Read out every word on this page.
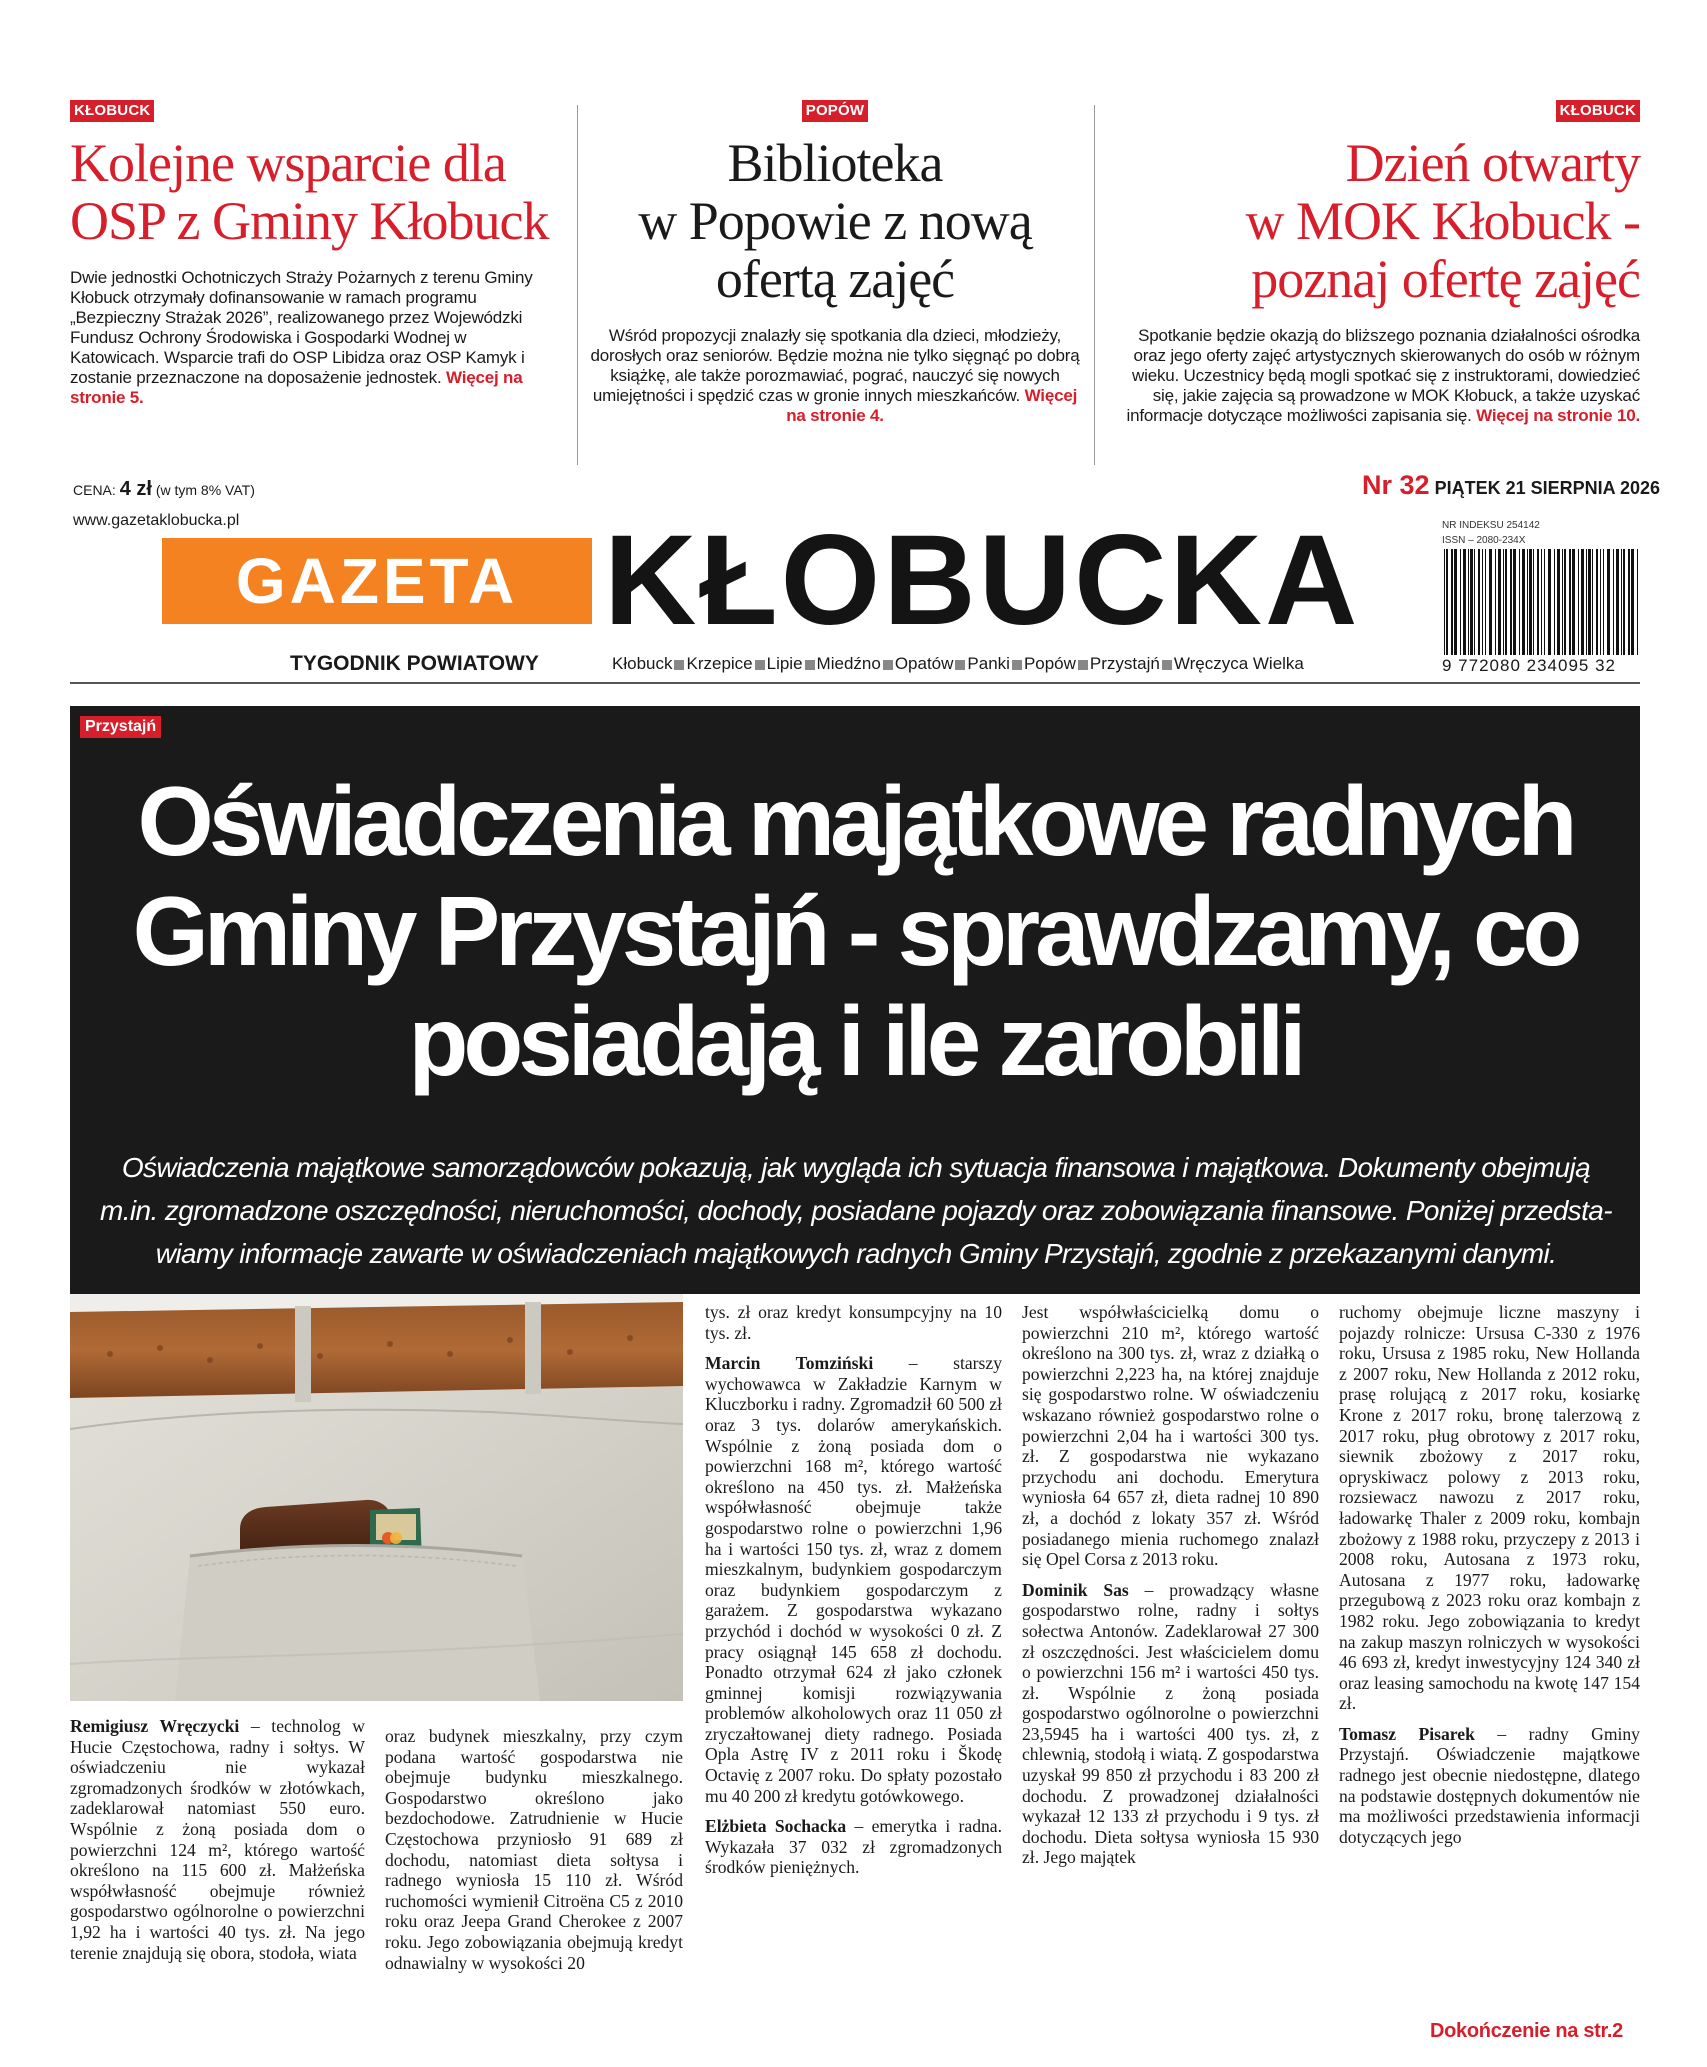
KŁOBUCK
Kolejne wsparcie dla
OSP z Gminy Kłobuck
Dwie jednostki Ochotniczych Straży Pożarnych z terenu Gminy Kłobuck otrzymały dofinansowanie w ramach programu „Bezpieczny Strażak 2026”, realizowanego przez Wojewódzki Fundusz Ochrony Środowiska i Gospodarki Wodnej w Katowicach. Wsparcie trafi do OSP Libidza oraz OSP Kamyk i zostanie przeznaczone na doposażenie jednostek. Więcej na stronie 5.
POPÓW
Biblioteka
w Popowie z nową
ofertą zajęć
Wśród propozycji znalazły się spotkania dla dzieci, młodzieży, dorosłych oraz seniorów. Będzie można nie tylko sięgnąć po dobrą książkę, ale także porozmawiać, pograć, nauczyć się nowych umiejętności i spędzić czas w gronie innych mieszkańców. Więcej na stronie 4.
KŁOBUCK
Dzień otwarty
w MOK Kłobuck -
poznaj ofertę zajęć
Spotkanie będzie okazją do bliższego poznania działalności ośrodka oraz jego oferty zajęć artystycznych skierowanych do osób w różnym wieku. Uczestnicy będą mogli spotkać się z instruktorami, dowiedzieć się, jakie zajęcia są prowadzone w MOK Kłobuck, a także uzyskać informacje dotyczące możliwości zapisania się. Więcej na stronie 10.
CENA: 4 zł (w tym 8% VAT)
www.gazetaklobucka.pl
Nr 32 PIĄTEK 21 SIERPNIA 2026
GAZETA KŁOBUCKA
TYGODNIK POWIATOWY	Kłobuck Krzepice Lipie Miedźno Opatów Panki Popów Przystajń Wręczyca Wielka
NR INDEKSU 254142
ISSN – 2080-234X
9 772080 234095 32
Przystajń
Oświadczenia majątkowe radnych
Gminy Przystajń - sprawdzamy, co
posiadają i ile zarobili
Oświadczenia majątkowe samorządowców pokazują, jak wygląda ich sytuacja finansowa i majątkowa. Dokumenty obejmują
m.in. zgromadzone oszczędności, nieruchomości, dochody, posiadane pojazdy oraz zobowiązania finansowe. Poniżej przedsta-
wiamy informacje zawarte w oświadczeniach majątkowych radnych Gminy Przystajń, zgodnie z przekazanymi danymi.

Remigiusz Wręczycki – technolog w Hucie Częstochowa, radny i sołtys. W oświadczeniu nie wykazał zgromadzonych środków w złotówkach, zadeklarował natomiast 550 euro. Wspólnie z żoną posiada dom o powierzchni 124 m², którego wartość określono na 115 600 zł. Małżeńska współwłasność obejmuje również gospodarstwo ogólnorolne o powierzchni 1,92 ha i wartości 40 tys. zł. Na jego terenie znajdują się obora, stodoła, wiata

oraz budynek mieszkalny, przy czym podana wartość gospodarstwa nie obejmuje budynku mieszkalnego. Gospodarstwo określono jako bezdochodowe. Zatrudnienie w Hucie Częstochowa przyniosło 91 689 zł dochodu, natomiast dieta sołtysa i radnego wyniosła 15 110 zł. Wśród ruchomości wymienił Citroëna C5 z 2010 roku oraz Jeepa Grand Cherokee z 2007 roku. Jego zobowiązania obejmują kredyt odnawialny w wysokości 20

tys. zł oraz kredyt konsumpcyjny na 10 tys. zł.

Marcin Tomziński – starszy wychowawca w Zakładzie Karnym w Kluczborku i radny. Zgromadził 60 500 zł oraz 3 tys. dolarów amerykańskich. Wspólnie z żoną posiada dom o powierzchni 168 m², którego wartość określono na 450 tys. zł. Małżeńska współwłasność obejmuje także gospodarstwo rolne o powierzchni 1,96 ha i wartości 150 tys. zł, wraz z domem mieszkalnym, budynkiem gospodarczym oraz budynkiem gospodarczym z garażem. Z gospodarstwa wykazano przychód i dochód w wysokości 0 zł. Z pracy osiągnął 145 658 zł dochodu. Ponadto otrzymał 624 zł jako członek gminnej komisji rozwiązywania problemów alkoholowych oraz 11 050 zł zryczałtowanej diety radnego. Posiada Opla Astrę IV z 2011 roku i Škodę Octavię z 2007 roku. Do spłaty pozostało mu 40 200 zł kredytu gotówkowego.

Elżbieta Sochacka – emerytka i radna. Wykazała 37 032 zł zgromadzonych środków pieniężnych.

Jest współwłaścicielką domu o powierzchni 210 m², którego wartość określono na 300 tys. zł, wraz z działką o powierzchni 2,223 ha, na której znajduje się gospodarstwo rolne. W oświadczeniu wskazano również gospodarstwo rolne o powierzchni 2,04 ha i wartości 300 tys. zł. Z gospodarstwa nie wykazano przychodu ani dochodu. Emerytura wyniosła 64 657 zł, dieta radnej 10 890 zł, a dochód z lokaty 357 zł. Wśród posiadanego mienia ruchomego znalazł się Opel Corsa z 2013 roku.

Dominik Sas – prowadzący własne gospodarstwo rolne, radny i sołtys sołectwa Antonów. Zadeklarował 27 300 zł oszczędności. Jest właścicielem domu o powierzchni 156 m² i wartości 450 tys. zł. Wspólnie z żoną posiada gospodarstwo ogólnorolne o powierzchni 23,5945 ha i wartości 400 tys. zł, z chlewnią, stodołą i wiatą. Z gospodarstwa uzyskał 99 850 zł przychodu i 83 200 zł dochodu. Z prowadzonej działalności wykazał 12 133 zł przychodu i 9 tys. zł dochodu. Dieta sołtysa wyniosła 15 930 zł. Jego majątek

ruchomy obejmuje liczne maszyny i pojazdy rolnicze: Ursusa C-330 z 1976 roku, Ursusa z 1985 roku, New Hollanda z 2007 roku, New Hollanda z 2012 roku, prasę rolującą z 2017 roku, kosiarkę Krone z 2017 roku, bronę talerzową z 2017 roku, pług obrotowy z 2017 roku, siewnik zbożowy z 2017 roku, opryskiwacz polowy z 2013 roku, rozsiewacz nawozu z 2017 roku, ładowarkę Thaler z 2009 roku, kombajn zbożowy z 1988 roku, przyczepy z 2013 i 2008 roku, Autosana z 1973 roku, Autosana z 1977 roku, ładowarkę przegubową z 2023 roku oraz kombajn z 1982 roku. Jego zobowiązania to kredyt na zakup maszyn rolniczych w wysokości 46 693 zł, kredyt inwestycyjny 124 340 zł oraz leasing samochodu na kwotę 147 154 zł.

Tomasz Pisarek – radny Gminy Przystajń. Oświadczenie majątkowe radnego jest obecnie niedostępne, dlatego na podstawie dostępnych dokumentów nie ma możliwości przedstawienia informacji dotyczących jego

Dokończenie na str.2
